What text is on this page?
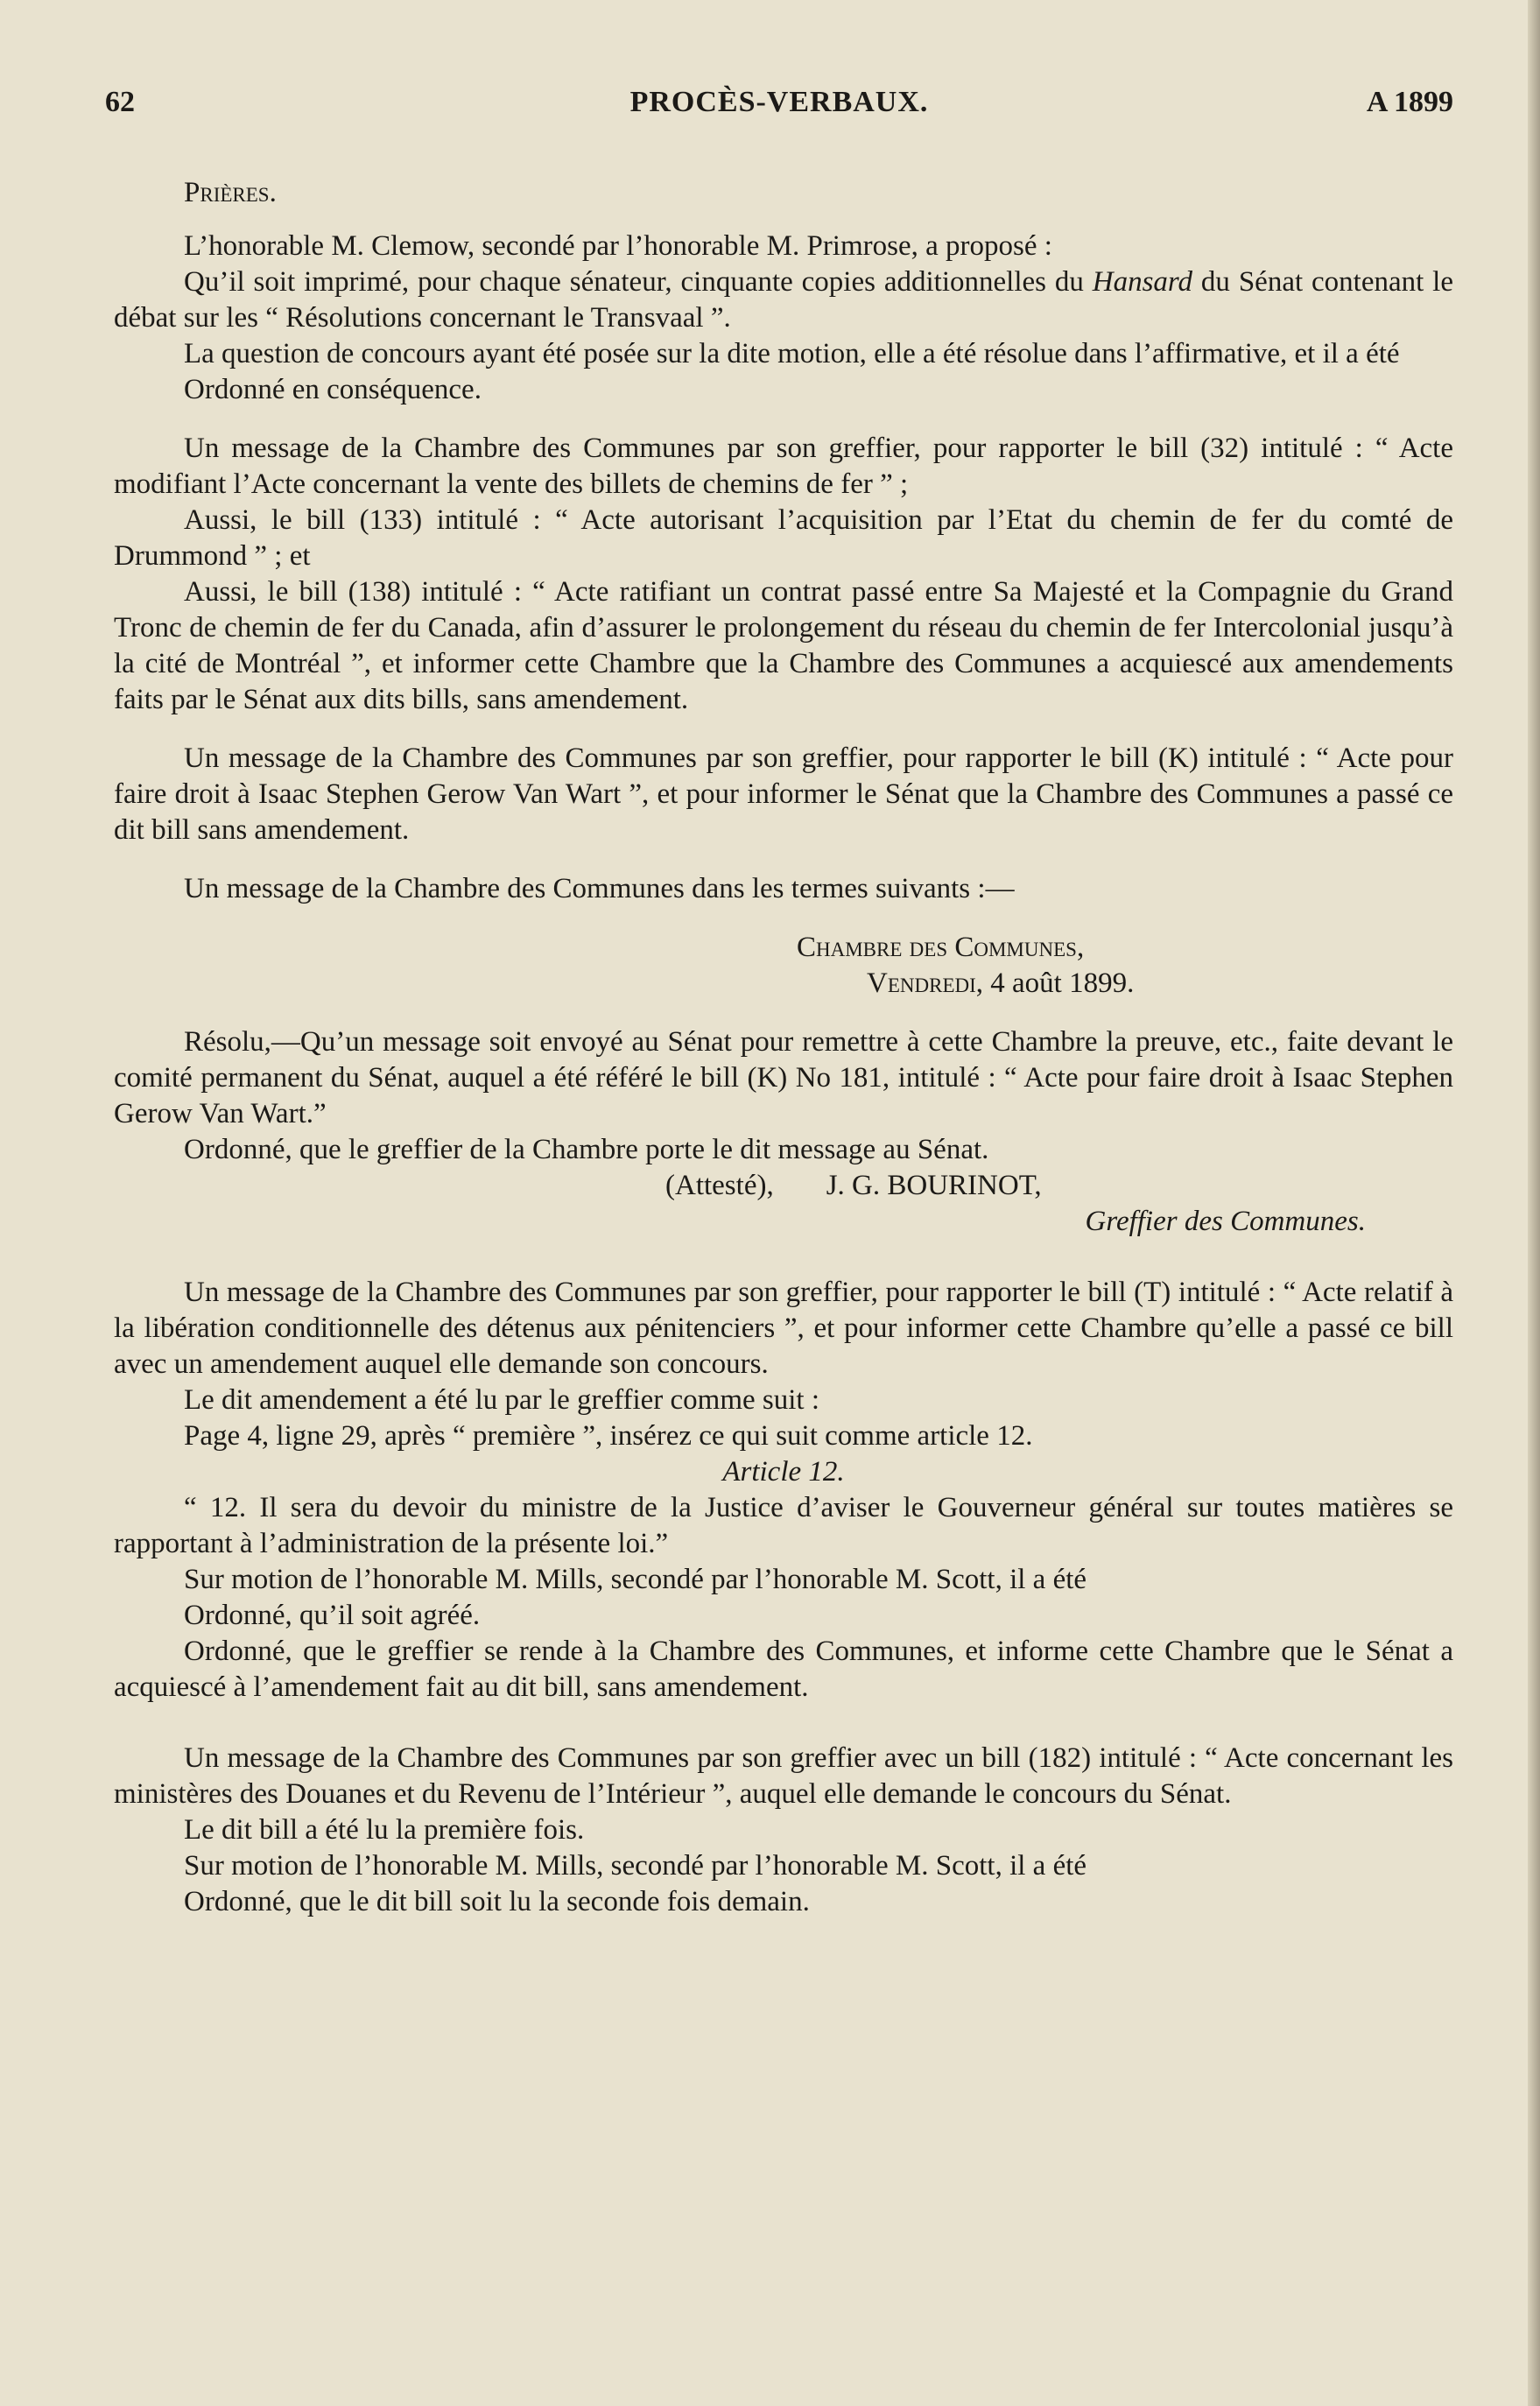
62	PROCÈS-VERBAUX.	A 1899

Prières.

L’honorable M. Clemow, secondé par l’honorable M. Primrose, a proposé :

Qu’il soit imprimé, pour chaque sénateur, cinquante copies additionnelles du Hansard du Sénat contenant le débat sur les “ Résolutions concernant le Transvaal ”.

La question de concours ayant été posée sur la dite motion, elle a été résolue dans l’affirmative, et il a été

Ordonné en conséquence.

Un message de la Chambre des Communes par son greffier, pour rapporter le bill (32) intitulé : “ Acte modifiant l’Acte concernant la vente des billets de chemins de fer ” ;

Aussi, le bill (133) intitulé : “ Acte autorisant l’acquisition par l’Etat du chemin de fer du comté de Drummond ” ; et

Aussi, le bill (138) intitulé : “ Acte ratifiant un contrat passé entre Sa Majesté et la Compagnie du Grand Tronc de chemin de fer du Canada, afin d’assurer le prolongement du réseau du chemin de fer Intercolonial jusqu’à la cité de Montréal ”, et informer cette Chambre que la Chambre des Communes a acquiescé aux amendements faits par le Sénat aux dits bills, sans amendement.

Un message de la Chambre des Communes par son greffier, pour rapporter le bill (K) intitulé : “ Acte pour faire droit à Isaac Stephen Gerow Van Wart ”, et pour informer le Sénat que la Chambre des Communes a passé ce dit bill sans amendement.

Un message de la Chambre des Communes dans les termes suivants :—

Chambre des Communes,

Vendredi, 4 août 1899.

Résolu,—Qu’un message soit envoyé au Sénat pour remettre à cette Chambre la preuve, etc., faite devant le comité permanent du Sénat, auquel a été référé le bill (K) No 181, intitulé : “ Acte pour faire droit à Isaac Stephen Gerow Van Wart.”

Ordonné, que le greffier de la Chambre porte le dit message au Sénat.

(Attesté), J. G. BOURINOT,

Greffier des Communes.

Un message de la Chambre des Communes par son greffier, pour rapporter le bill (T) intitulé : “ Acte relatif à la libération conditionnelle des détenus aux pénitenciers ”, et pour informer cette Chambre qu’elle a passé ce bill avec un amendement auquel elle demande son concours.

Le dit amendement a été lu par le greffier comme suit :

Page 4, ligne 29, après “ première ”, insérez ce qui suit comme article 12.

Article 12.

“ 12. Il sera du devoir du ministre de la Justice d’aviser le Gouverneur général sur toutes matières se rapportant à l’administration de la présente loi.”

Sur motion de l’honorable M. Mills, secondé par l’honorable M. Scott, il a été

Ordonné, qu’il soit agréé.

Ordonné, que le greffier se rende à la Chambre des Communes, et informe cette Chambre que le Sénat a acquiescé à l’amendement fait au dit bill, sans amendement.

Un message de la Chambre des Communes par son greffier avec un bill (182) intitulé : “ Acte concernant les ministères des Douanes et du Revenu de l’Intérieur ”, auquel elle demande le concours du Sénat.

Le dit bill a été lu la première fois.

Sur motion de l’honorable M. Mills, secondé par l’honorable M. Scott, il a été

Ordonné, que le dit bill soit lu la seconde fois demain.
